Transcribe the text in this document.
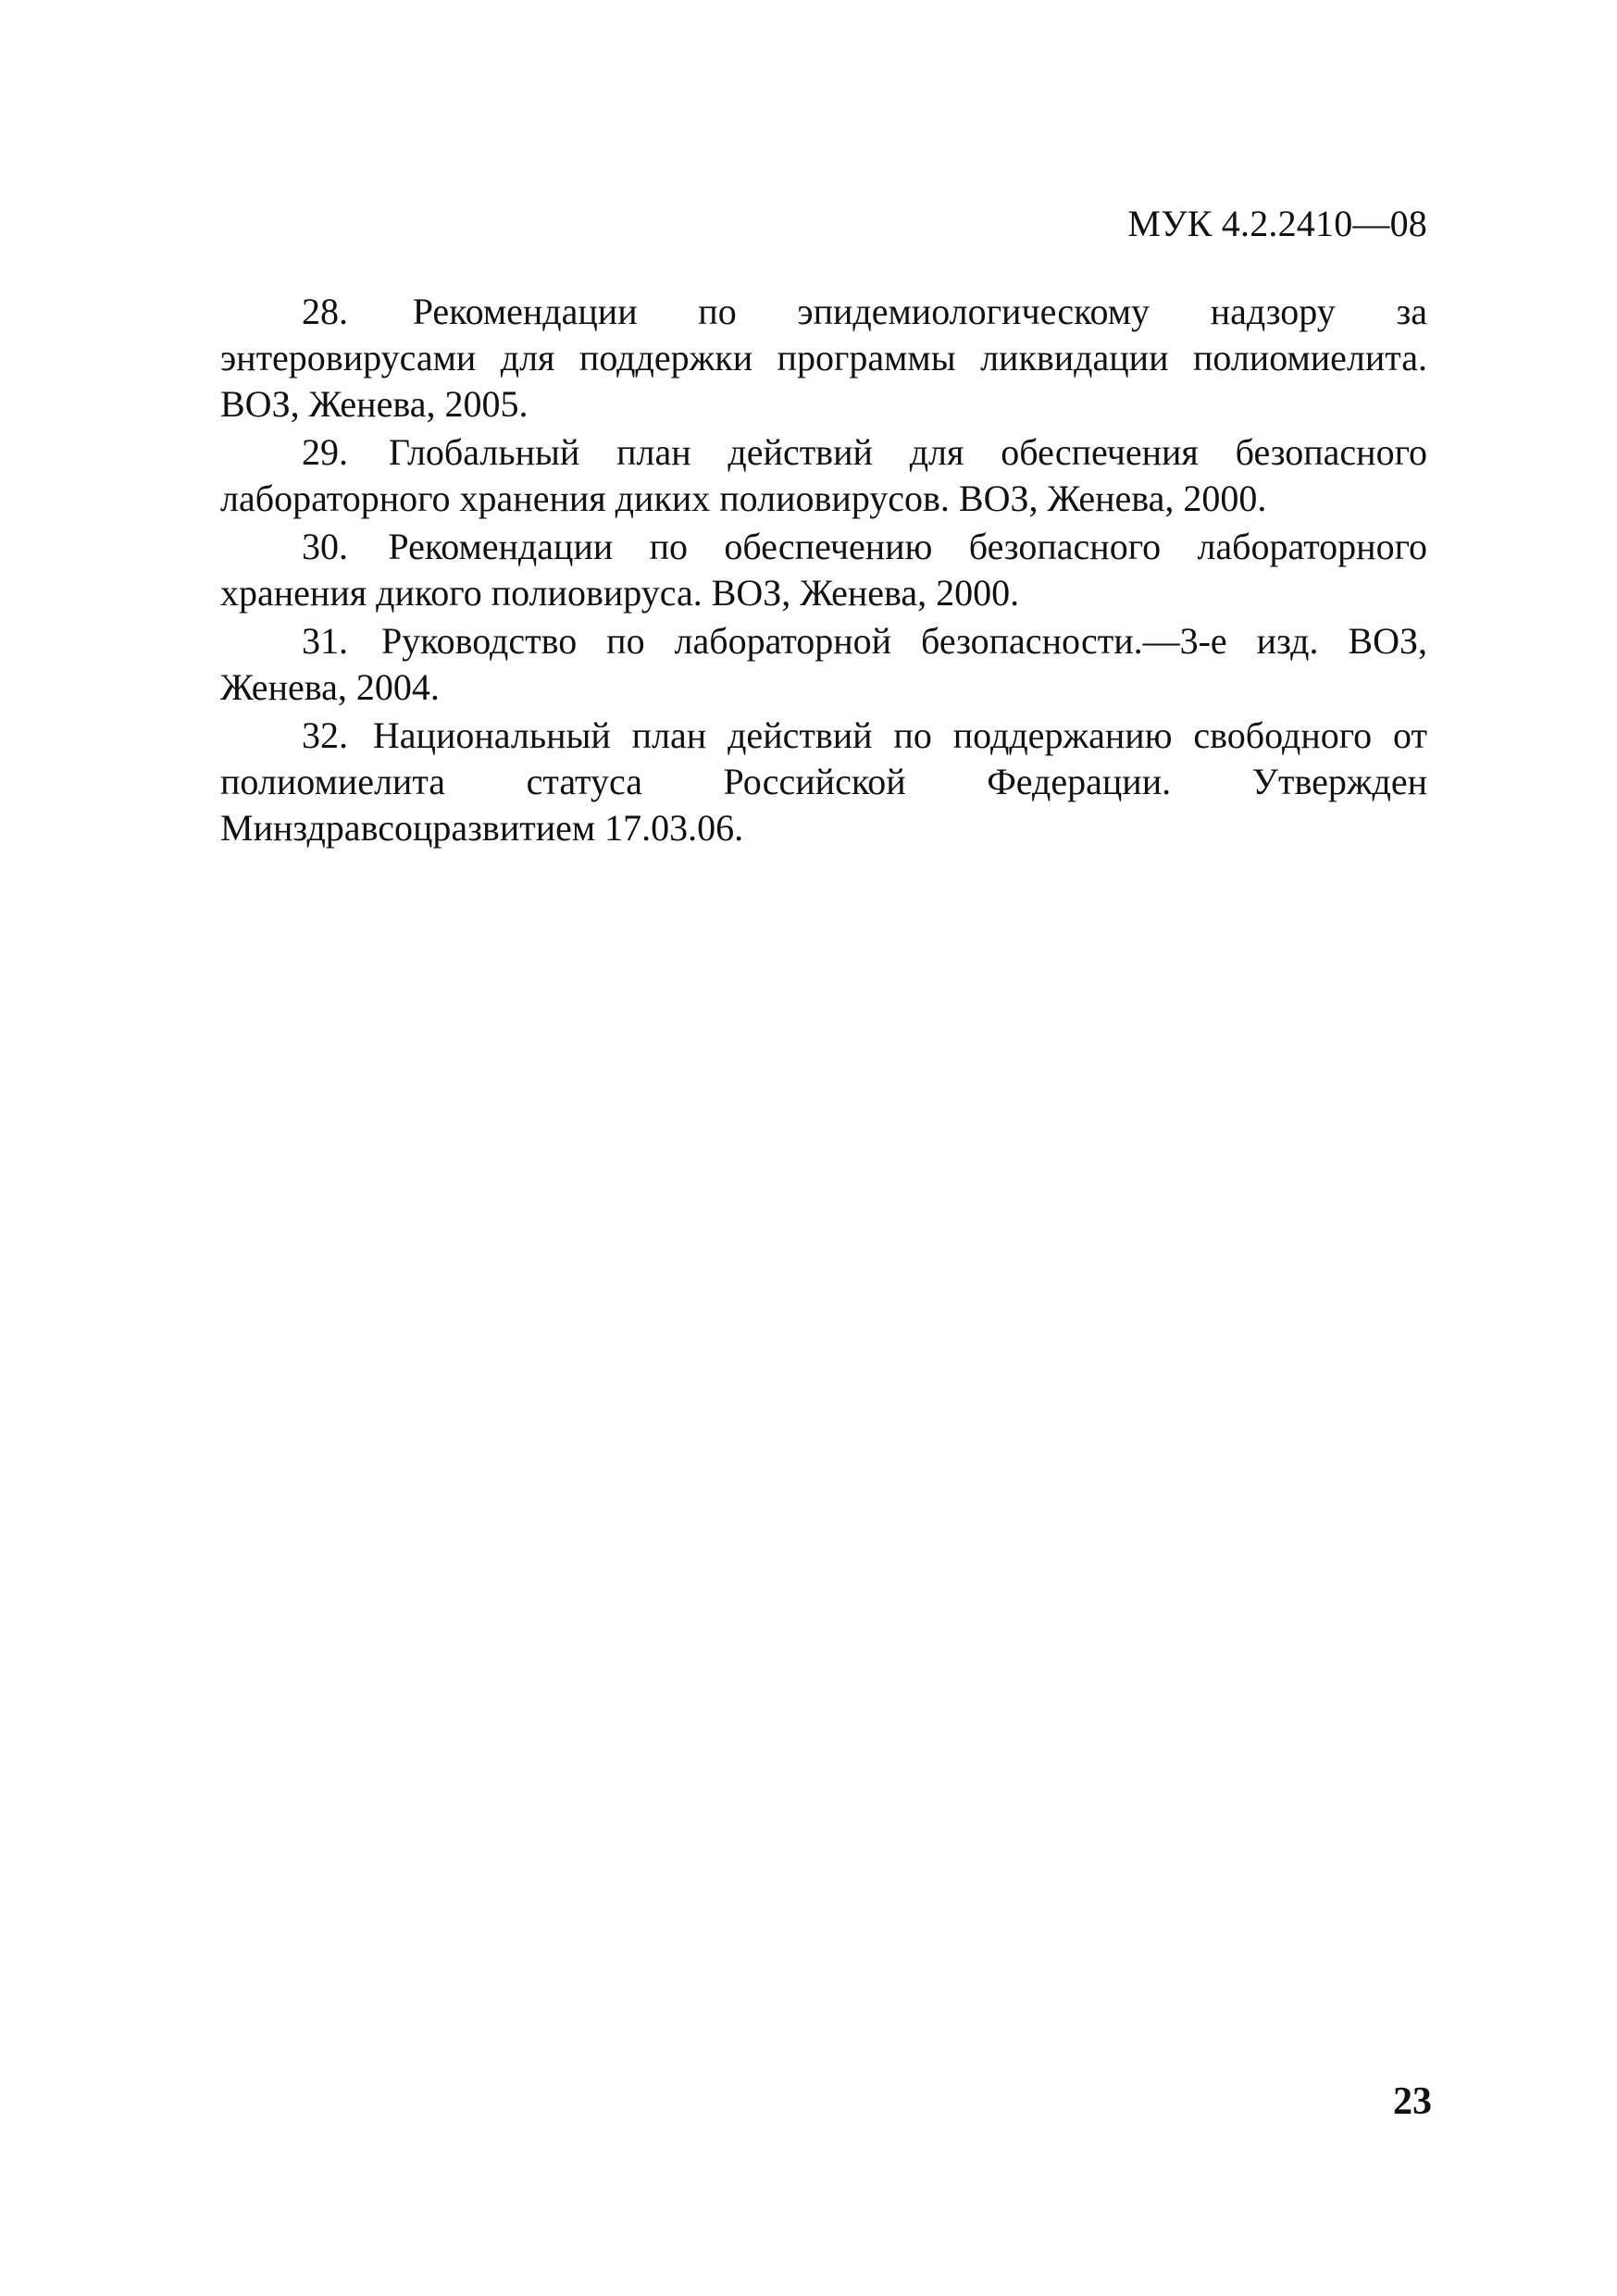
МУК 4.2.2410—08

28. Рекомендации по эпидемиологическому надзору за энтеровирусами для поддержки программы ликвидации полиомиелита. ВОЗ, Женева, 2005.

29. Глобальный план действий для обеспечения безопасного лабораторного хранения диких полиовирусов. ВОЗ, Женева, 2000.

30. Рекомендации по обеспечению безопасного лабораторного хранения дикого полиовируса. ВОЗ, Женева, 2000.

31. Руководство по лабораторной безопасности.—3-е изд. ВОЗ, Женева, 2004.

32. Национальный план действий по поддержанию свободного от полиомиелита статуса Российской Федерации. Утвержден Минздравсоцразвитием 17.03.06.

23
